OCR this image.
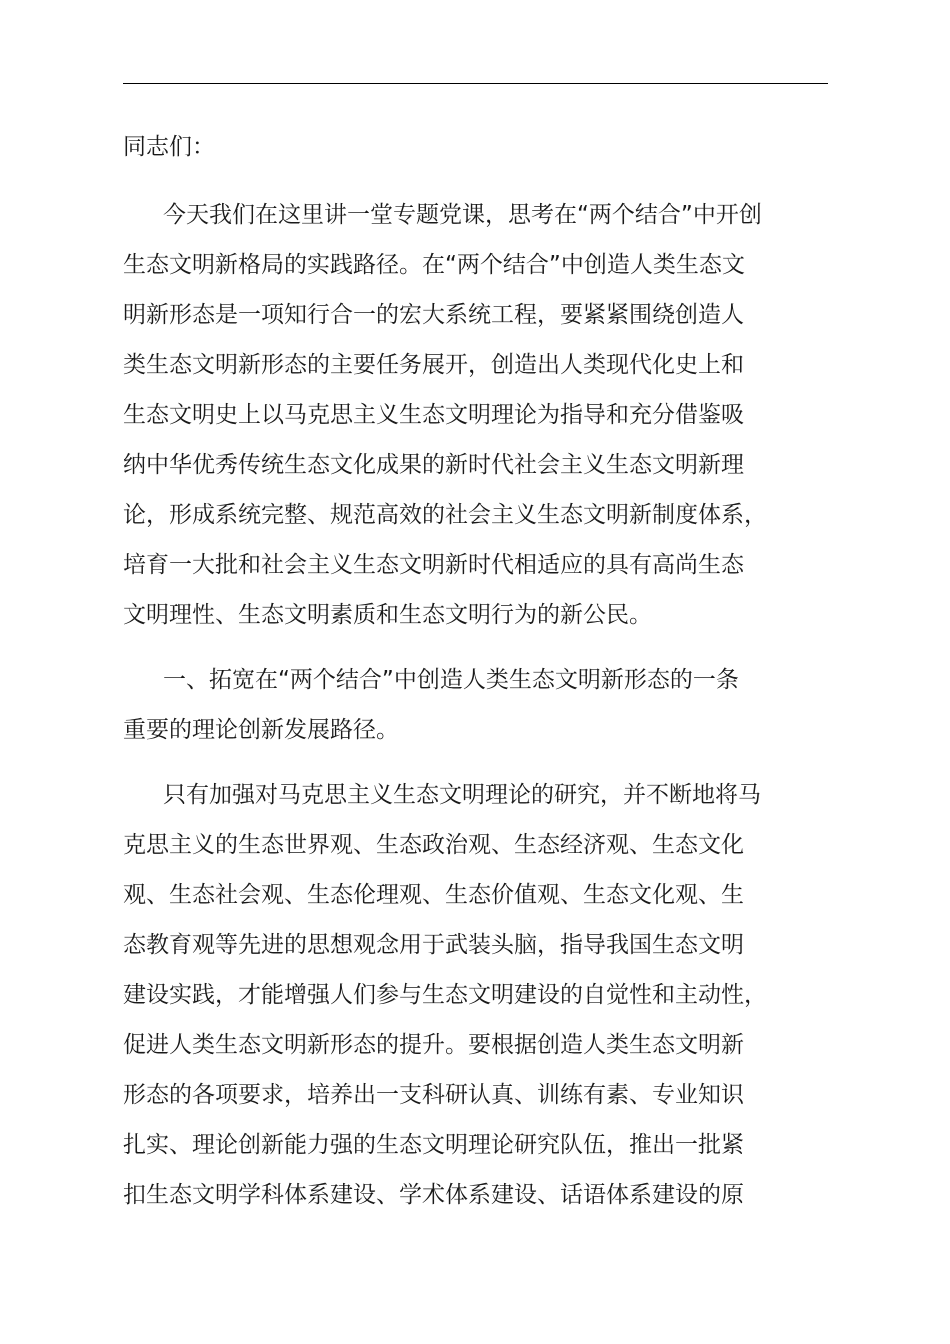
同志们：
今天我们在这里讲一堂专题党课，思考在“两个结合”中开创
生态文明新格局的实践路径。在“两个结合”中创造人类生态文
明新形态是一项知行合一的宏大系统工程，要紧紧围绕创造人
类生态文明新形态的主要任务展开，创造出人类现代化史上和
生态文明史上以马克思主义生态文明理论为指导和充分借鉴吸
纳中华优秀传统生态文化成果的新时代社会主义生态文明新理
论，形成系统完整、规范高效的社会主义生态文明新制度体系，
培育一大批和社会主义生态文明新时代相适应的具有高尚生态
文明理性、生态文明素质和生态文明行为的新公民。
一、拓宽在“两个结合”中创造人类生态文明新形态的一条
重要的理论创新发展路径。
只有加强对马克思主义生态文明理论的研究，并不断地将马
克思主义的生态世界观、生态政治观、生态经济观、生态文化
观、生态社会观、生态伦理观、生态价值观、生态文化观、生
态教育观等先进的思想观念用于武装头脑，指导我国生态文明
建设实践，才能增强人们参与生态文明建设的自觉性和主动性，
促进人类生态文明新形态的提升。要根据创造人类生态文明新
形态的各项要求，培养出一支科研认真、训练有素、专业知识
扎实、理论创新能力强的生态文明理论研究队伍，推出一批紧
扣生态文明学科体系建设、学术体系建设、话语体系建设的原
